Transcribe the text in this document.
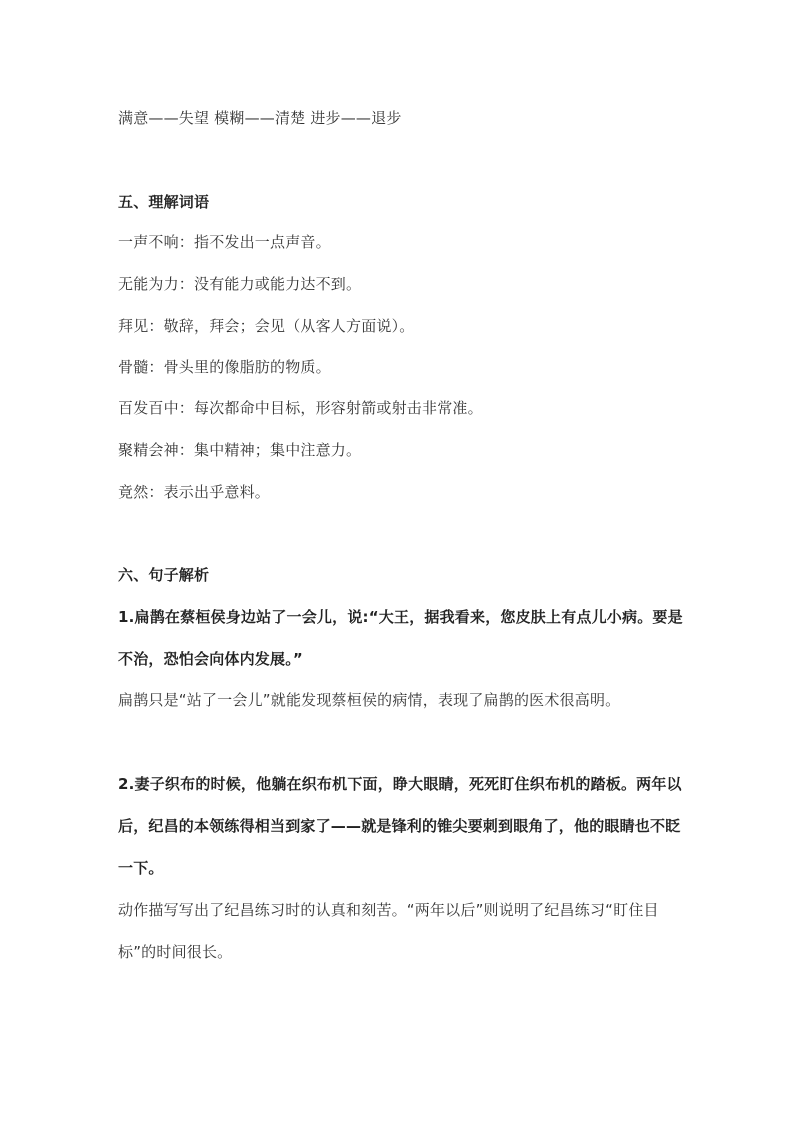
满意——失望 模糊——清楚 进步——退步

五、理解词语

一声不响：指不发出一点声音。

无能为力：没有能力或能力达不到。

拜见：敬辞，拜会；会见（从客人方面说）。

骨髓：骨头里的像脂肪的物质。

百发百中：每次都命中目标，形容射箭或射击非常准。

聚精会神：集中精神；集中注意力。

竟然：表示出乎意料。

六、句子解析

1.扁鹊在蔡桓侯身边站了一会儿，说:“大王，据我看来，您皮肤上有点儿小病。要是

不治，恐怕会向体内发展。”

扁鹊只是“站了一会儿”就能发现蔡桓侯的病情，表现了扁鹊的医术很高明。

2.妻子织布的时候，他躺在织布机下面，睁大眼睛，死死盯住织布机的踏板。两年以

后，纪昌的本领练得相当到家了——就是锋利的锥尖要刺到眼角了，他的眼睛也不眨

一下。

动作描写写出了纪昌练习时的认真和刻苦。“两年以后”则说明了纪昌练习“盯住目

标”的时间很长。
